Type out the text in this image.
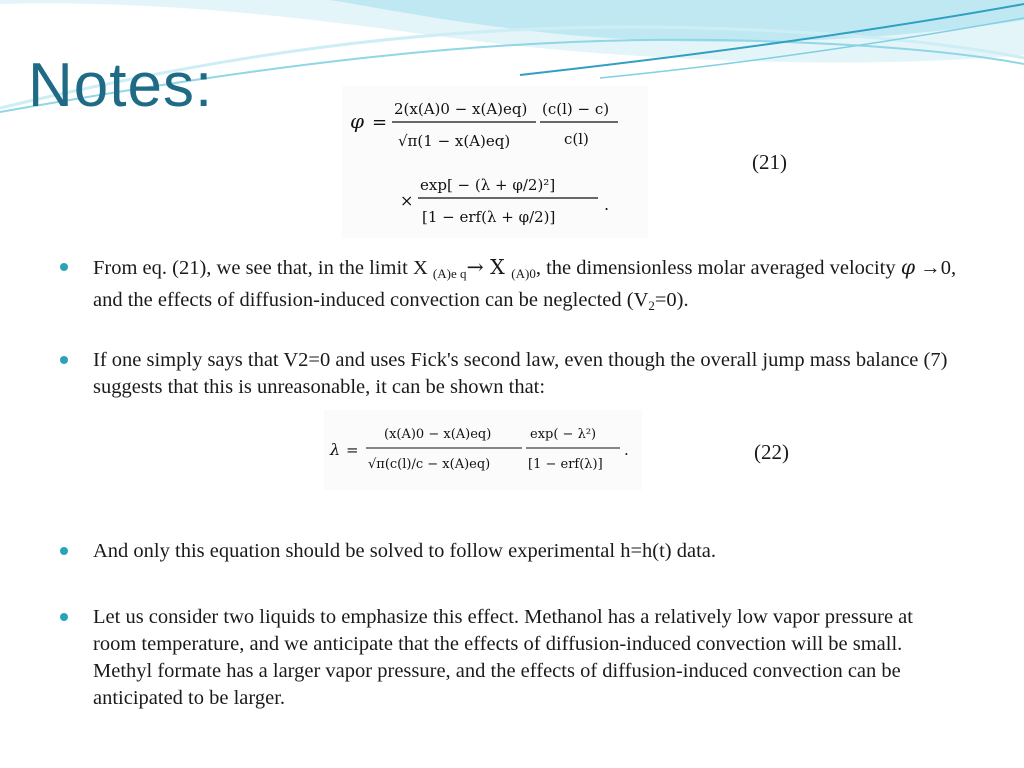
Notes:
φ =
2(x(A)0 − x(A)eq)
√π(1 − x(A)eq)
(c(l) − c)
c(l)
×
exp[ − (λ + φ/2)²]
[1 − erf(λ + φ/2)]
.
(21)
From eq. (21), we see that, in the limit X $_{(A)e q}$→ X $_{(A)0}$, the dimensionless molar averaged velocity φ →0, and the effects of diffusion-induced convection can be neglected $(V_2=0)$.
If one simply says that V2=0 and uses Fick's second law, even though the overall jump mass balance (7) suggests that this is unreasonable, it can be shown that:
And only this equation should be solved to follow experimental h=h(t) data.
Let us consider two liquids to emphasize this effect. Methanol has a relatively low vapor pressure at room temperature, and we anticipate that the effects of diffusion-induced convection will be small. Methyl formate has a larger vapor pressure, and the effects of diffusion-induced convection can be anticipated to be larger.
λ =
(x(A)0 − x(A)eq)
√π(c(l)/c − x(A)eq)
exp( − λ²)
[1 − erf(λ)]
.	(22)
